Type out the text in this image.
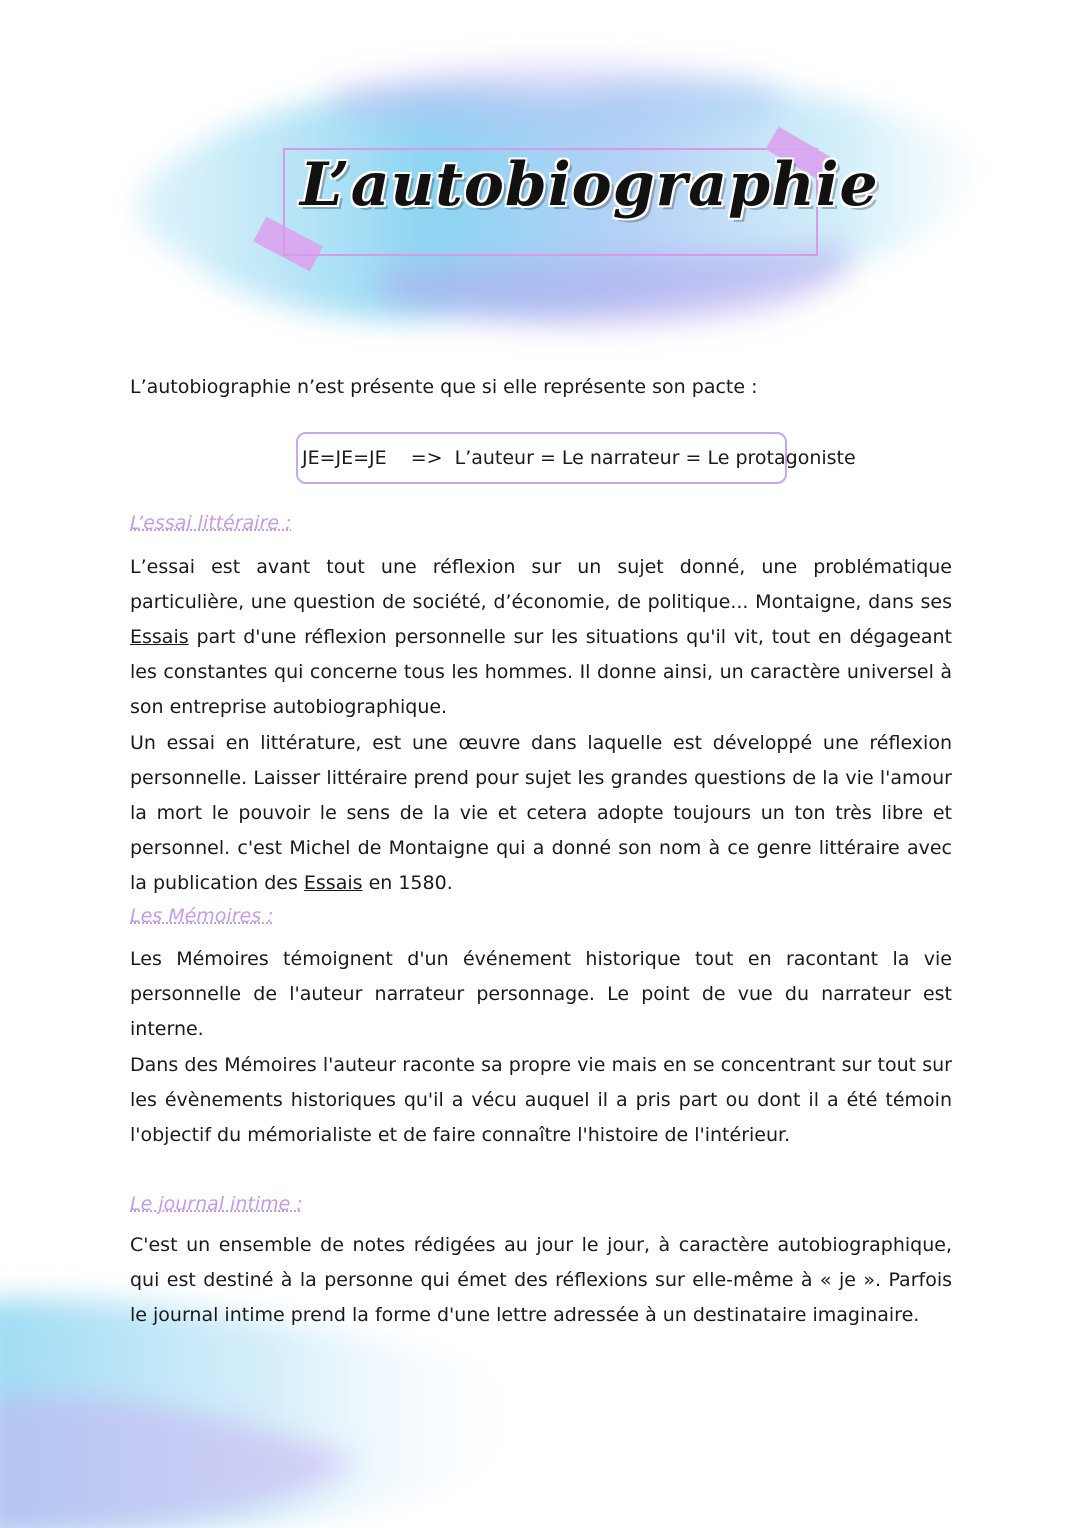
L’autobiographie
L’autobiographie n’est présente que si elle représente son pacte :
JE=JE=JE => L’auteur = Le narrateur = Le protagoniste
L’essai littéraire :
L’essai est avant tout une réflexion sur un sujet donné, une problématique particulière, une question de société, d’économie, de politique... Montaigne, dans ses Essais part d'une réflexion personnelle sur les situations qu'il vit, tout en dégageant les constantes qui concerne tous les hommes. Il donne ainsi, un caractère universel à son entreprise autobiographique.
Un essai en littérature, est une œuvre dans laquelle est développé une réflexion personnelle. Laisser littéraire prend pour sujet les grandes questions de la vie l'amour la mort le pouvoir le sens de la vie et cetera adopte toujours un ton très libre et personnel. c'est Michel de Montaigne qui a donné son nom à ce genre littéraire avec la publication des Essais en 1580.
Les Mémoires :
Les Mémoires témoignent d'un événement historique tout en racontant la vie personnelle de l'auteur narrateur personnage. Le point de vue du narrateur est interne.
Dans des Mémoires l'auteur raconte sa propre vie mais en se concentrant sur tout sur les évènements historiques qu'il a vécu auquel il a pris part ou dont il a été témoin l'objectif du mémorialiste et de faire connaître l'histoire de l'intérieur.
Le journal intime :
C'est un ensemble de notes rédigées au jour le jour, à caractère autobiographique, qui est destiné à la personne qui émet des réflexions sur elle-même à « je ». Parfois le journal intime prend la forme d'une lettre adressée à un destinataire imaginaire.
